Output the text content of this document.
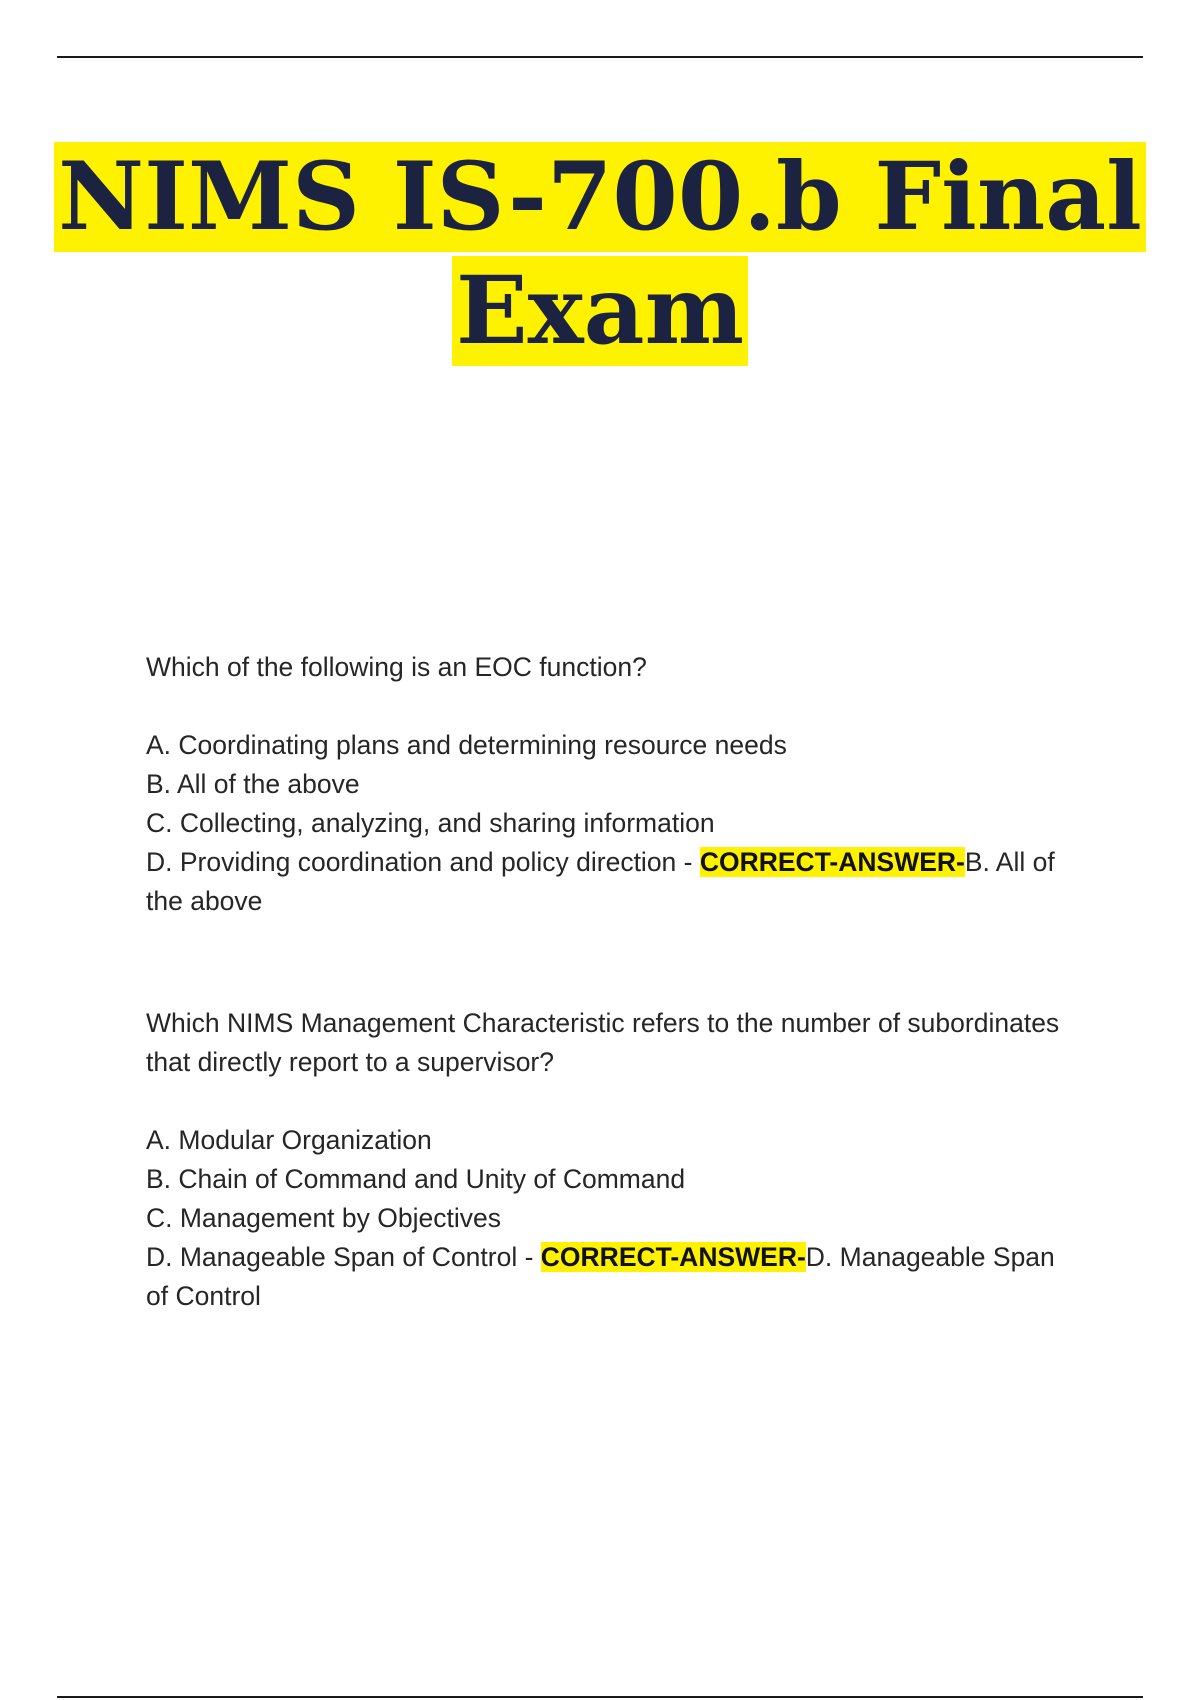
NIMS IS-700.b Final
Exam

Which of the following is an EOC function?

A. Coordinating plans and determining resource needs
B. All of the above
C. Collecting, analyzing, and sharing information
D. Providing coordination and policy direction - CORRECT-ANSWER-B. All of the above

Which NIMS Management Characteristic refers to the number of subordinates that directly report to a supervisor?

A. Modular Organization
B. Chain of Command and Unity of Command
C. Management by Objectives
D. Manageable Span of Control - CORRECT-ANSWER-D. Manageable Span of Control
